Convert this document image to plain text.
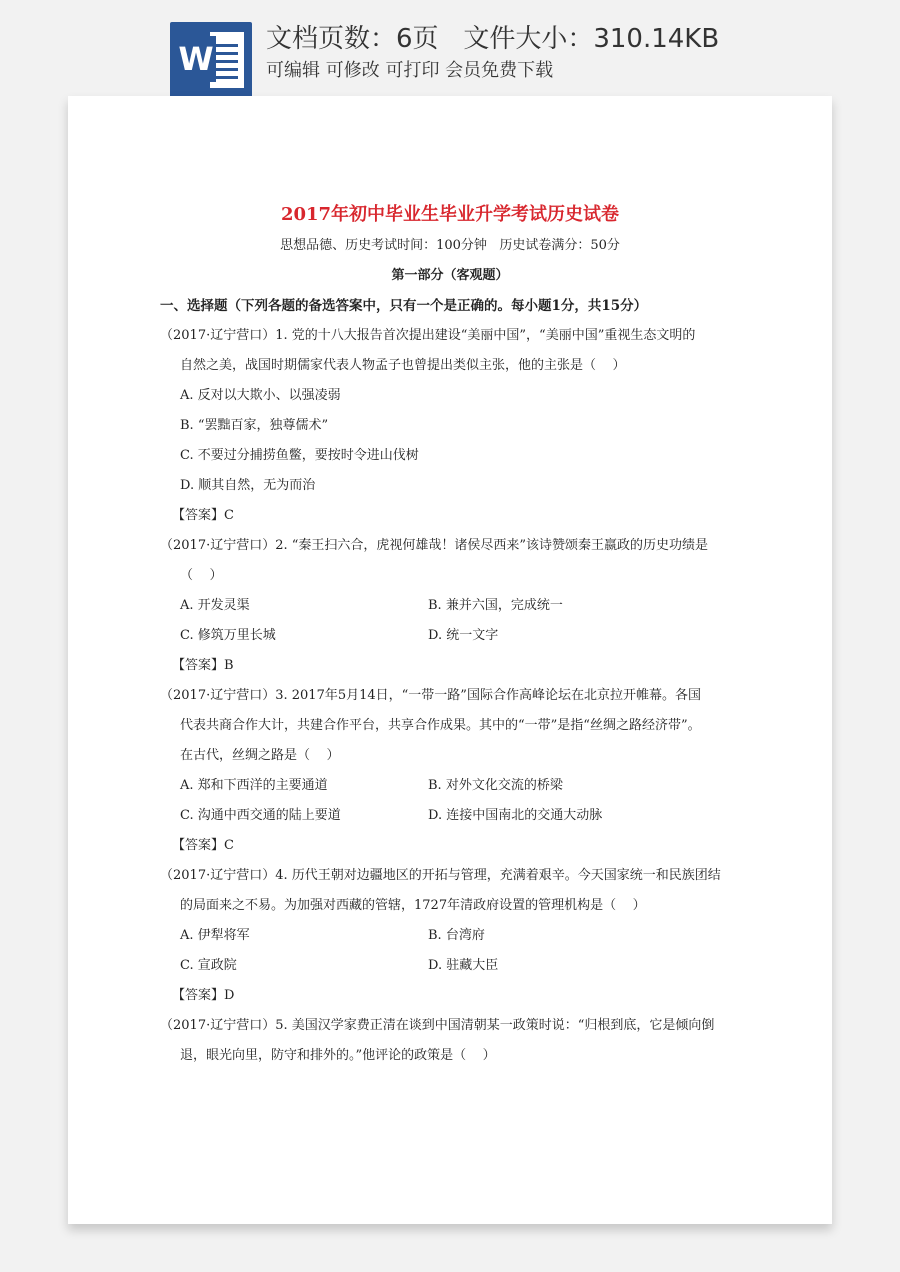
W
文档页数：6页   文件大小：310.14KB
可编辑 可修改 可打印 会员免费下载
2017年初中毕业生毕业升学考试历史试卷
思想品德、历史考试时间：100分钟   历史试卷满分：50分
第一部分（客观题）
一、选择题（下列各题的备选答案中，只有一个是正确的。每小题1分，共15分）
（2017·辽宁营口）1. 党的十八大报告首次提出建设“美丽中国”，“美丽中国”重视生态文明的
自然之美，战国时期儒家代表人物孟子也曾提出类似主张，他的主张是（    ）
A. 反对以大欺小、以强凌弱
B. “罢黜百家，独尊儒术”
C. 不要过分捕捞鱼鳖，要按时令进山伐树
D. 顺其自然，无为而治
【答案】C
（2017·辽宁营口）2. “秦王扫六合，虎视何雄哉！诸侯尽西来”该诗赞颂秦王嬴政的历史功绩是
（    ）
A. 开发灵渠	B. 兼并六国，完成统一
C. 修筑万里长城	D. 统一文字
【答案】B
（2017·辽宁营口）3. 2017年5月14日，“一带一路”国际合作高峰论坛在北京拉开帷幕。各国
代表共商合作大计，共建合作平台，共享合作成果。其中的“一带”是指“丝绸之路经济带”。
在古代，丝绸之路是（    ）
A. 郑和下西洋的主要通道	B. 对外文化交流的桥梁
C. 沟通中西交通的陆上要道	D. 连接中国南北的交通大动脉
【答案】C
（2017·辽宁营口）4. 历代王朝对边疆地区的开拓与管理，充满着艰辛。今天国家统一和民族团结
的局面来之不易。为加强对西藏的管辖，1727年清政府设置的管理机构是（    ）
A. 伊犁将军	B. 台湾府
C. 宣政院	D. 驻藏大臣
【答案】D
（2017·辽宁营口）5. 美国汉学家费正清在谈到中国清朝某一政策时说：“归根到底，它是倾向倒
退，眼光向里，防守和排外的。”他评论的政策是（    ）
